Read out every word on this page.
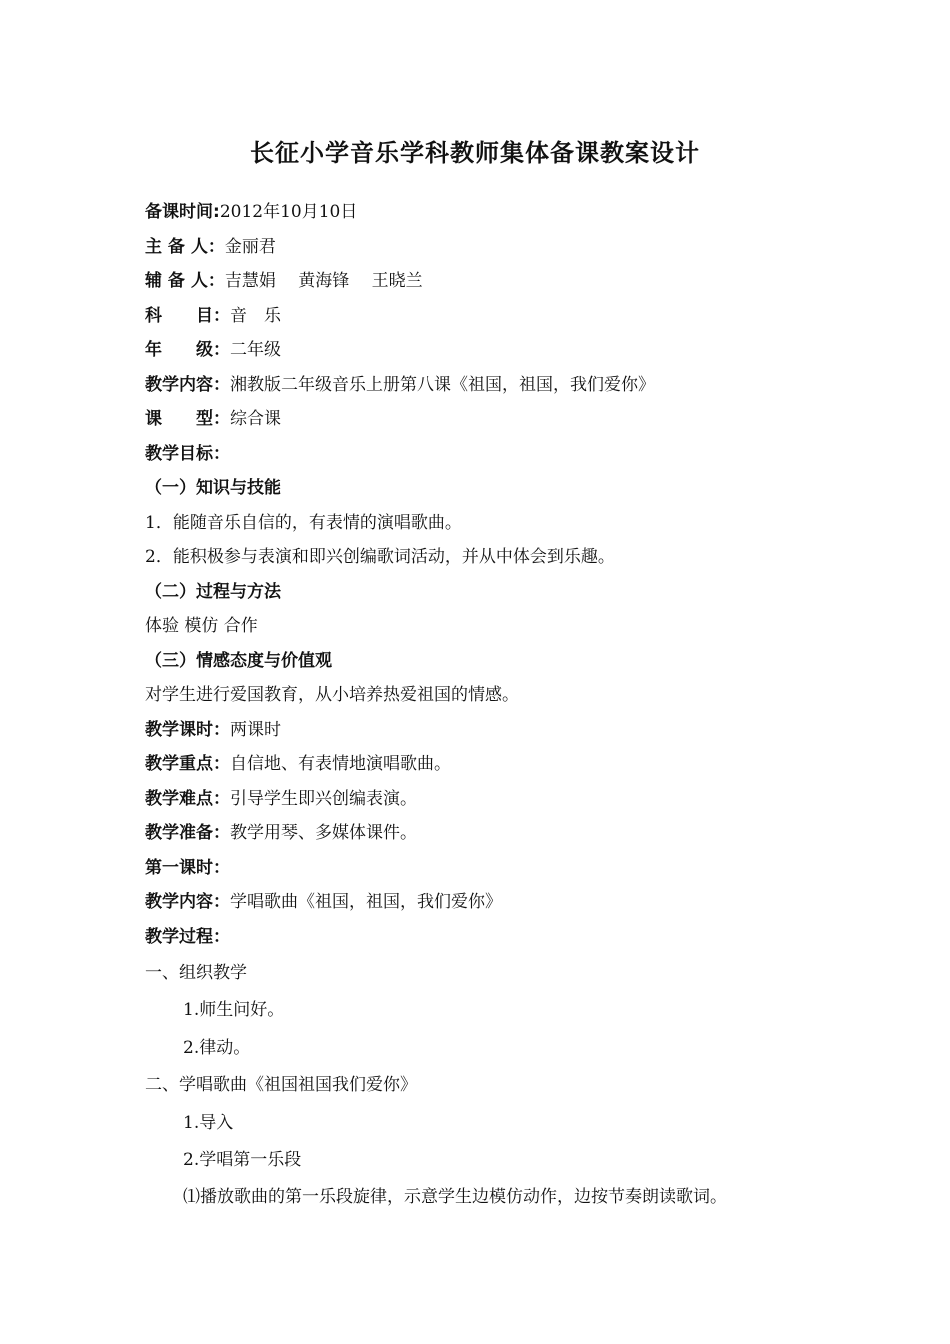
长征小学音乐学科教师集体备课教案设计
备课时间:2012年10月10日
主 备 人：金丽君
辅 备 人：吉慧娟　 黄海锋　 王晓兰
科　　目：音　乐
年　　级：二年级
教学内容：湘教版二年级音乐上册第八课《祖国，祖国，我们爱你》
课　　型：综合课
教学目标：
（一）知识与技能
1．能随音乐自信的，有表情的演唱歌曲。
2．能积极参与表演和即兴创编歌词活动，并从中体会到乐趣。
（二）过程与方法
体验 模仿 合作
（三）情感态度与价值观
对学生进行爱国教育，从小培养热爱祖国的情感。
教学课时：两课时
教学重点：自信地、有表情地演唱歌曲。
教学难点：引导学生即兴创编表演。
教学准备：教学用琴、多媒体课件。
第一课时：
教学内容：学唱歌曲《祖国，祖国，我们爱你》
教学过程：
一、组织教学
1.师生问好。
2.律动。
二、学唱歌曲《祖国祖国我们爱你》
1.导入
2.学唱第一乐段
⑴播放歌曲的第一乐段旋律，示意学生边模仿动作，边按节奏朗读歌词。
